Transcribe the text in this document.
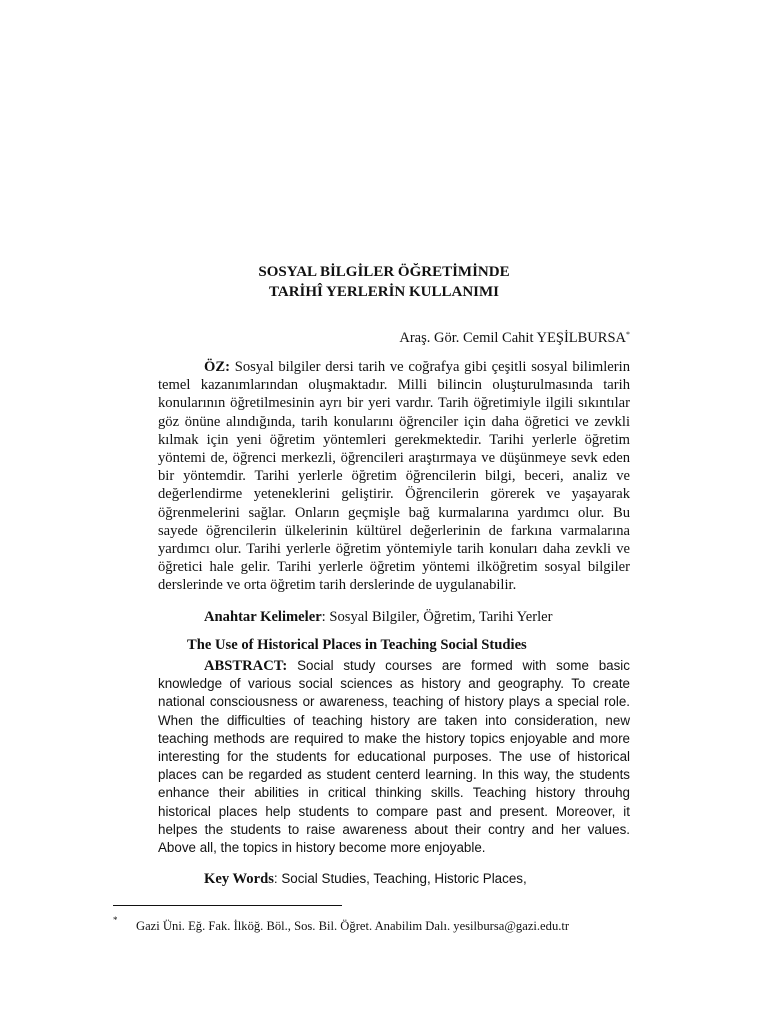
SOSYAL BİLGİLER ÖĞRETİMİNDE
TARİHÎ YERLERİN KULLANIMI
Araş. Gör. Cemil Cahit YEŞİLBURSA*

ÖZ: Sosyal bilgiler dersi tarih ve coğrafya gibi çeşitli sosyal bilimlerin temel kazanımlarından oluşmaktadır. Milli bilincin oluşturulmasında tarih konularının öğretilmesinin ayrı bir yeri vardır. Tarih öğretimiyle ilgili sıkıntılar göz önüne alındığında, tarih konularını öğrenciler için daha öğretici ve zevkli kılmak için yeni öğretim yöntemleri gerekmektedir. Tarihi yerlerle öğretim yöntemi de, öğrenci merkezli, öğrencileri araştırmaya ve düşünmeye sevk eden bir yöntemdir. Tarihi yerlerle öğretim öğrencilerin bilgi, beceri, analiz ve değerlendirme yeteneklerini geliştirir. Öğrencilerin görerek ve yaşayarak öğrenmelerini sağlar. Onların geçmişle bağ kurmalarına yardımcı olur. Bu sayede öğrencilerin ülkelerinin kültürel değerlerinin de farkına varmalarına yardımcı olur. Tarihi yerlerle öğretim yöntemiyle tarih konuları daha zevkli ve öğretici hale gelir. Tarihi yerlerle öğretim yöntemi ilköğretim sosyal bilgiler derslerinde ve orta öğretim tarih derslerinde de uygulanabilir.

Anahtar Kelimeler: Sosyal Bilgiler, Öğretim, Tarihi Yerler

The Use of Historical Places in Teaching Social Studies

ABSTRACT: Social study courses are formed with some basic knowledge of various social sciences as history and geography. To create national consciousness or awareness, teaching of history plays a special role. When the difficulties of teaching history are taken into consideration, new teaching methods are required to make the history topics enjoyable and more interesting for the students for educational purposes. The use of historical places can be regarded as student centerd learning. In this way, the students enhance their abilities in critical thinking skills. Teaching history throuhg historical places help students to compare past and present. Moreover, it helpes the students to raise awareness about their contry and her values. Above all, the topics in history become more enjoyable.

Key Words: Social Studies, Teaching, Historic Places,

* Gazi Üni. Eğ. Fak. İlköğ. Böl., Sos. Bil. Öğret. Anabilim Dalı. yesilbursa@gazi.edu.tr
